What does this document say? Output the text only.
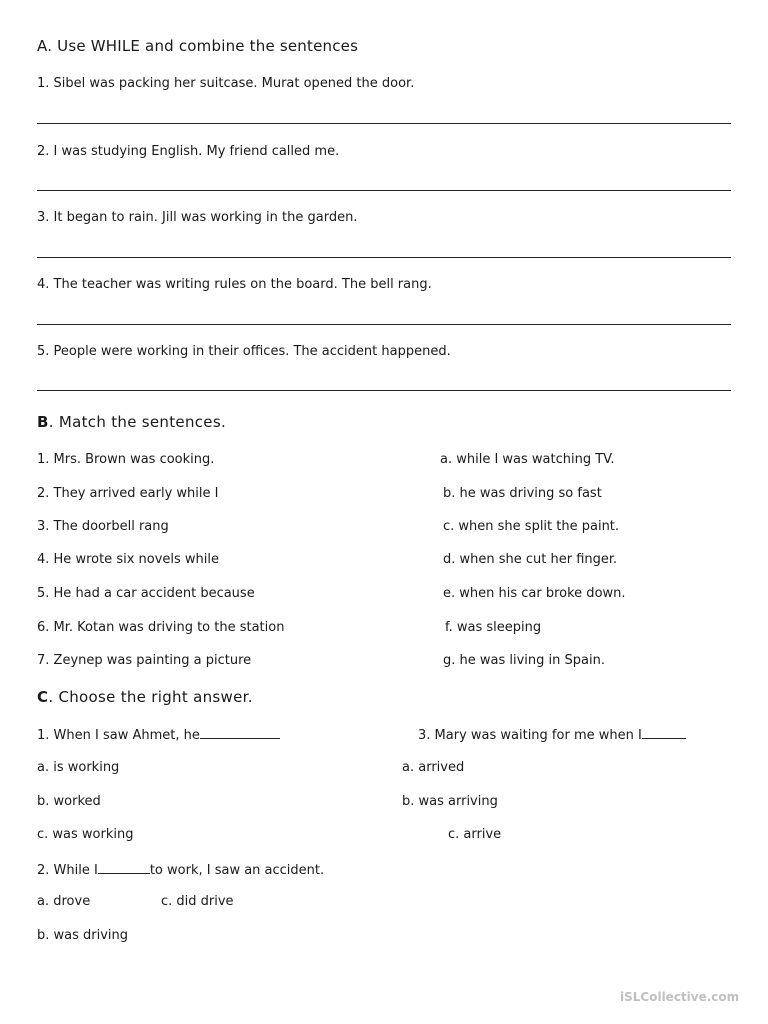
A. Use WHILE and combine the sentences
1. Sibel was packing her suitcase. Murat opened the door.
2. I was studying English. My friend called me.
3. It began to rain. Jill was working in the garden.
4. The teacher was writing rules on the board. The bell rang.
5. People were working in their offices. The accident happened.
B. Match the sentences.
1. Mrs. Brown was cooking.
2. They arrived early while I
3. The doorbell rang
4. He wrote six novels while
5. He had a car accident because
6. Mr. Kotan was driving to the station
7. Zeynep was painting a picture
a. while I was watching TV.
b. he was driving so fast
c. when she split the paint.
d. when she cut her finger.
e. when his car broke down.
f. was sleeping
g. he was living in Spain.
C. Choose the right answer.
1. When I saw Ahmet, he
a. is working
b. worked
c. was working
2. While I	to work, I saw an accident.
a. drove	c. did drive
b. was driving
3. Mary was waiting for me when I
a. arrived
b. was arriving
c. arrive
iSLCollective.com
